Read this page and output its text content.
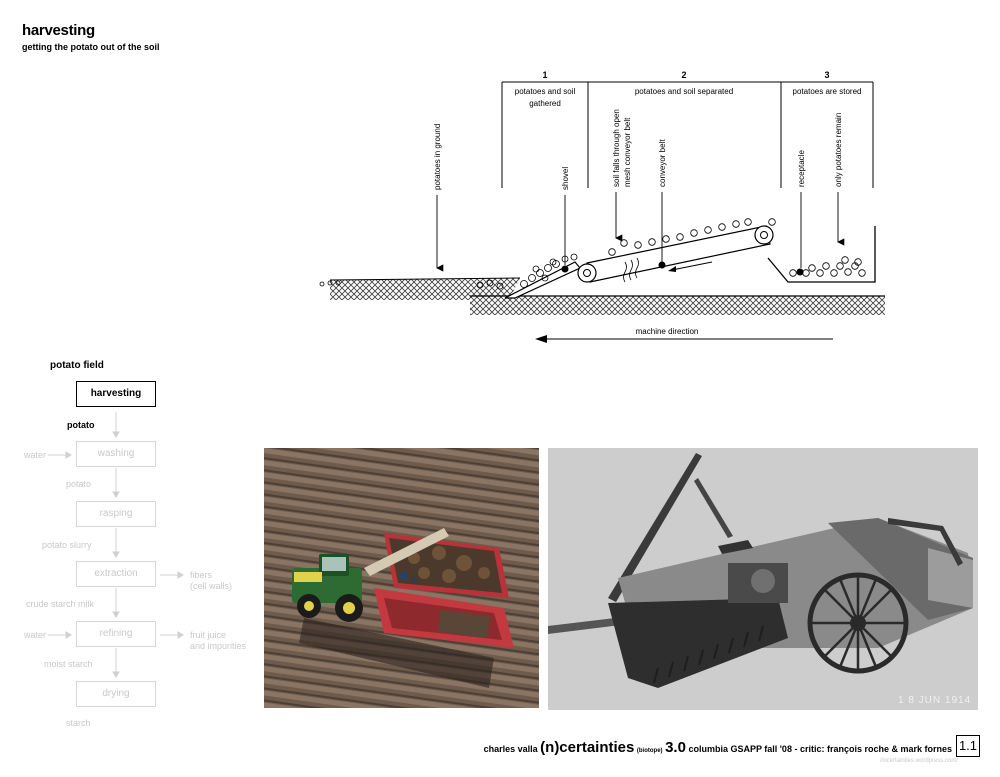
harvesting
getting the potato out of the soil
1
potatoes and soil
gathered
2
potatoes and soil separated
3
potatoes are stored
potatoes in ground	shovel	soil falls through open mesh conveyor belt	conveyor belt	receptacle	only potatoes remain
machine direction
potato field
harvesting
potato
washing
water
potato
rasping
potato slurry
extraction	fibers
(cell walls)
crude starch milk
refining
water	fruit juice
and impurities
moist starch
drying
starch
1 8 JUN 1914
charles valla (n)certainties (biotope) 3.0 columbia GSAPP fall '08 - critic: françois roche & mark fornes 1.1
//ncertainties.wordpress.com/
